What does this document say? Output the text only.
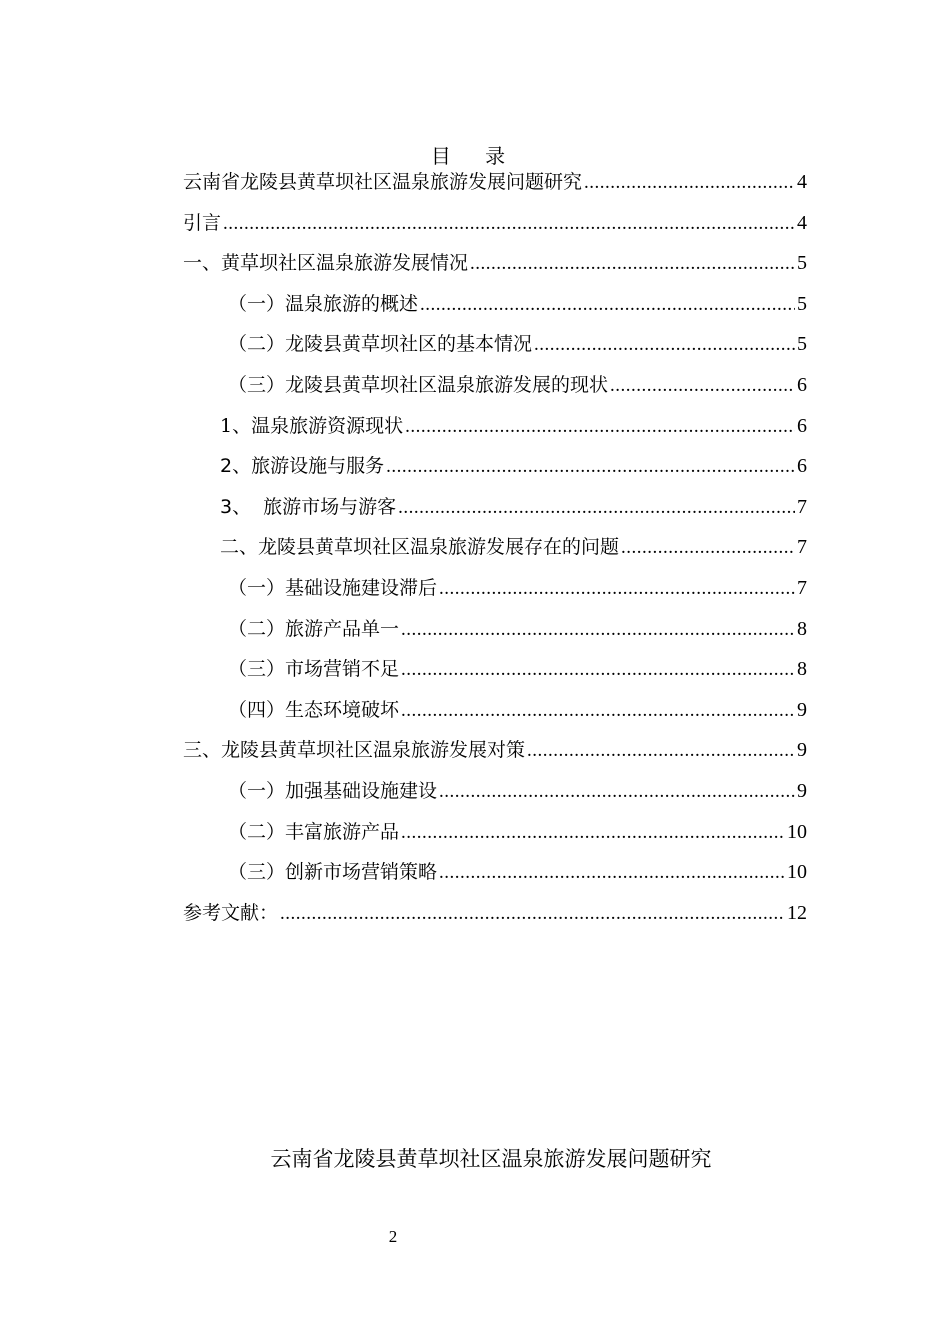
目 录
云南省龙陵县黄草坝社区温泉旅游发展问题研究 .....	4
引言 .....	4
一、黄草坝社区温泉旅游发展情况 .....	5
（一）温泉旅游的概述 .....	5
（二）龙陵县黄草坝社区的基本情况 .....	5
（三）龙陵县黄草坝社区温泉旅游发展的现状 .....	6
1、温泉旅游资源现状 .....	6
2、旅游设施与服务 .....	6
3、  旅游市场与游客 .....	7
二、龙陵县黄草坝社区温泉旅游发展存在的问题 .....	7
（一）基础设施建设滞后 .....	7
（二）旅游产品单一 .....	8
（三）市场营销不足 .....	8
（四）生态环境破坏 .....	9
三、龙陵县黄草坝社区温泉旅游发展对策 .....	9
（一）加强基础设施建设 .....	9
（二）丰富旅游产品 .....	10
（三）创新市场营销策略 .....	10
参考文献： .....	12
云南省龙陵县黄草坝社区温泉旅游发展问题研究
2
